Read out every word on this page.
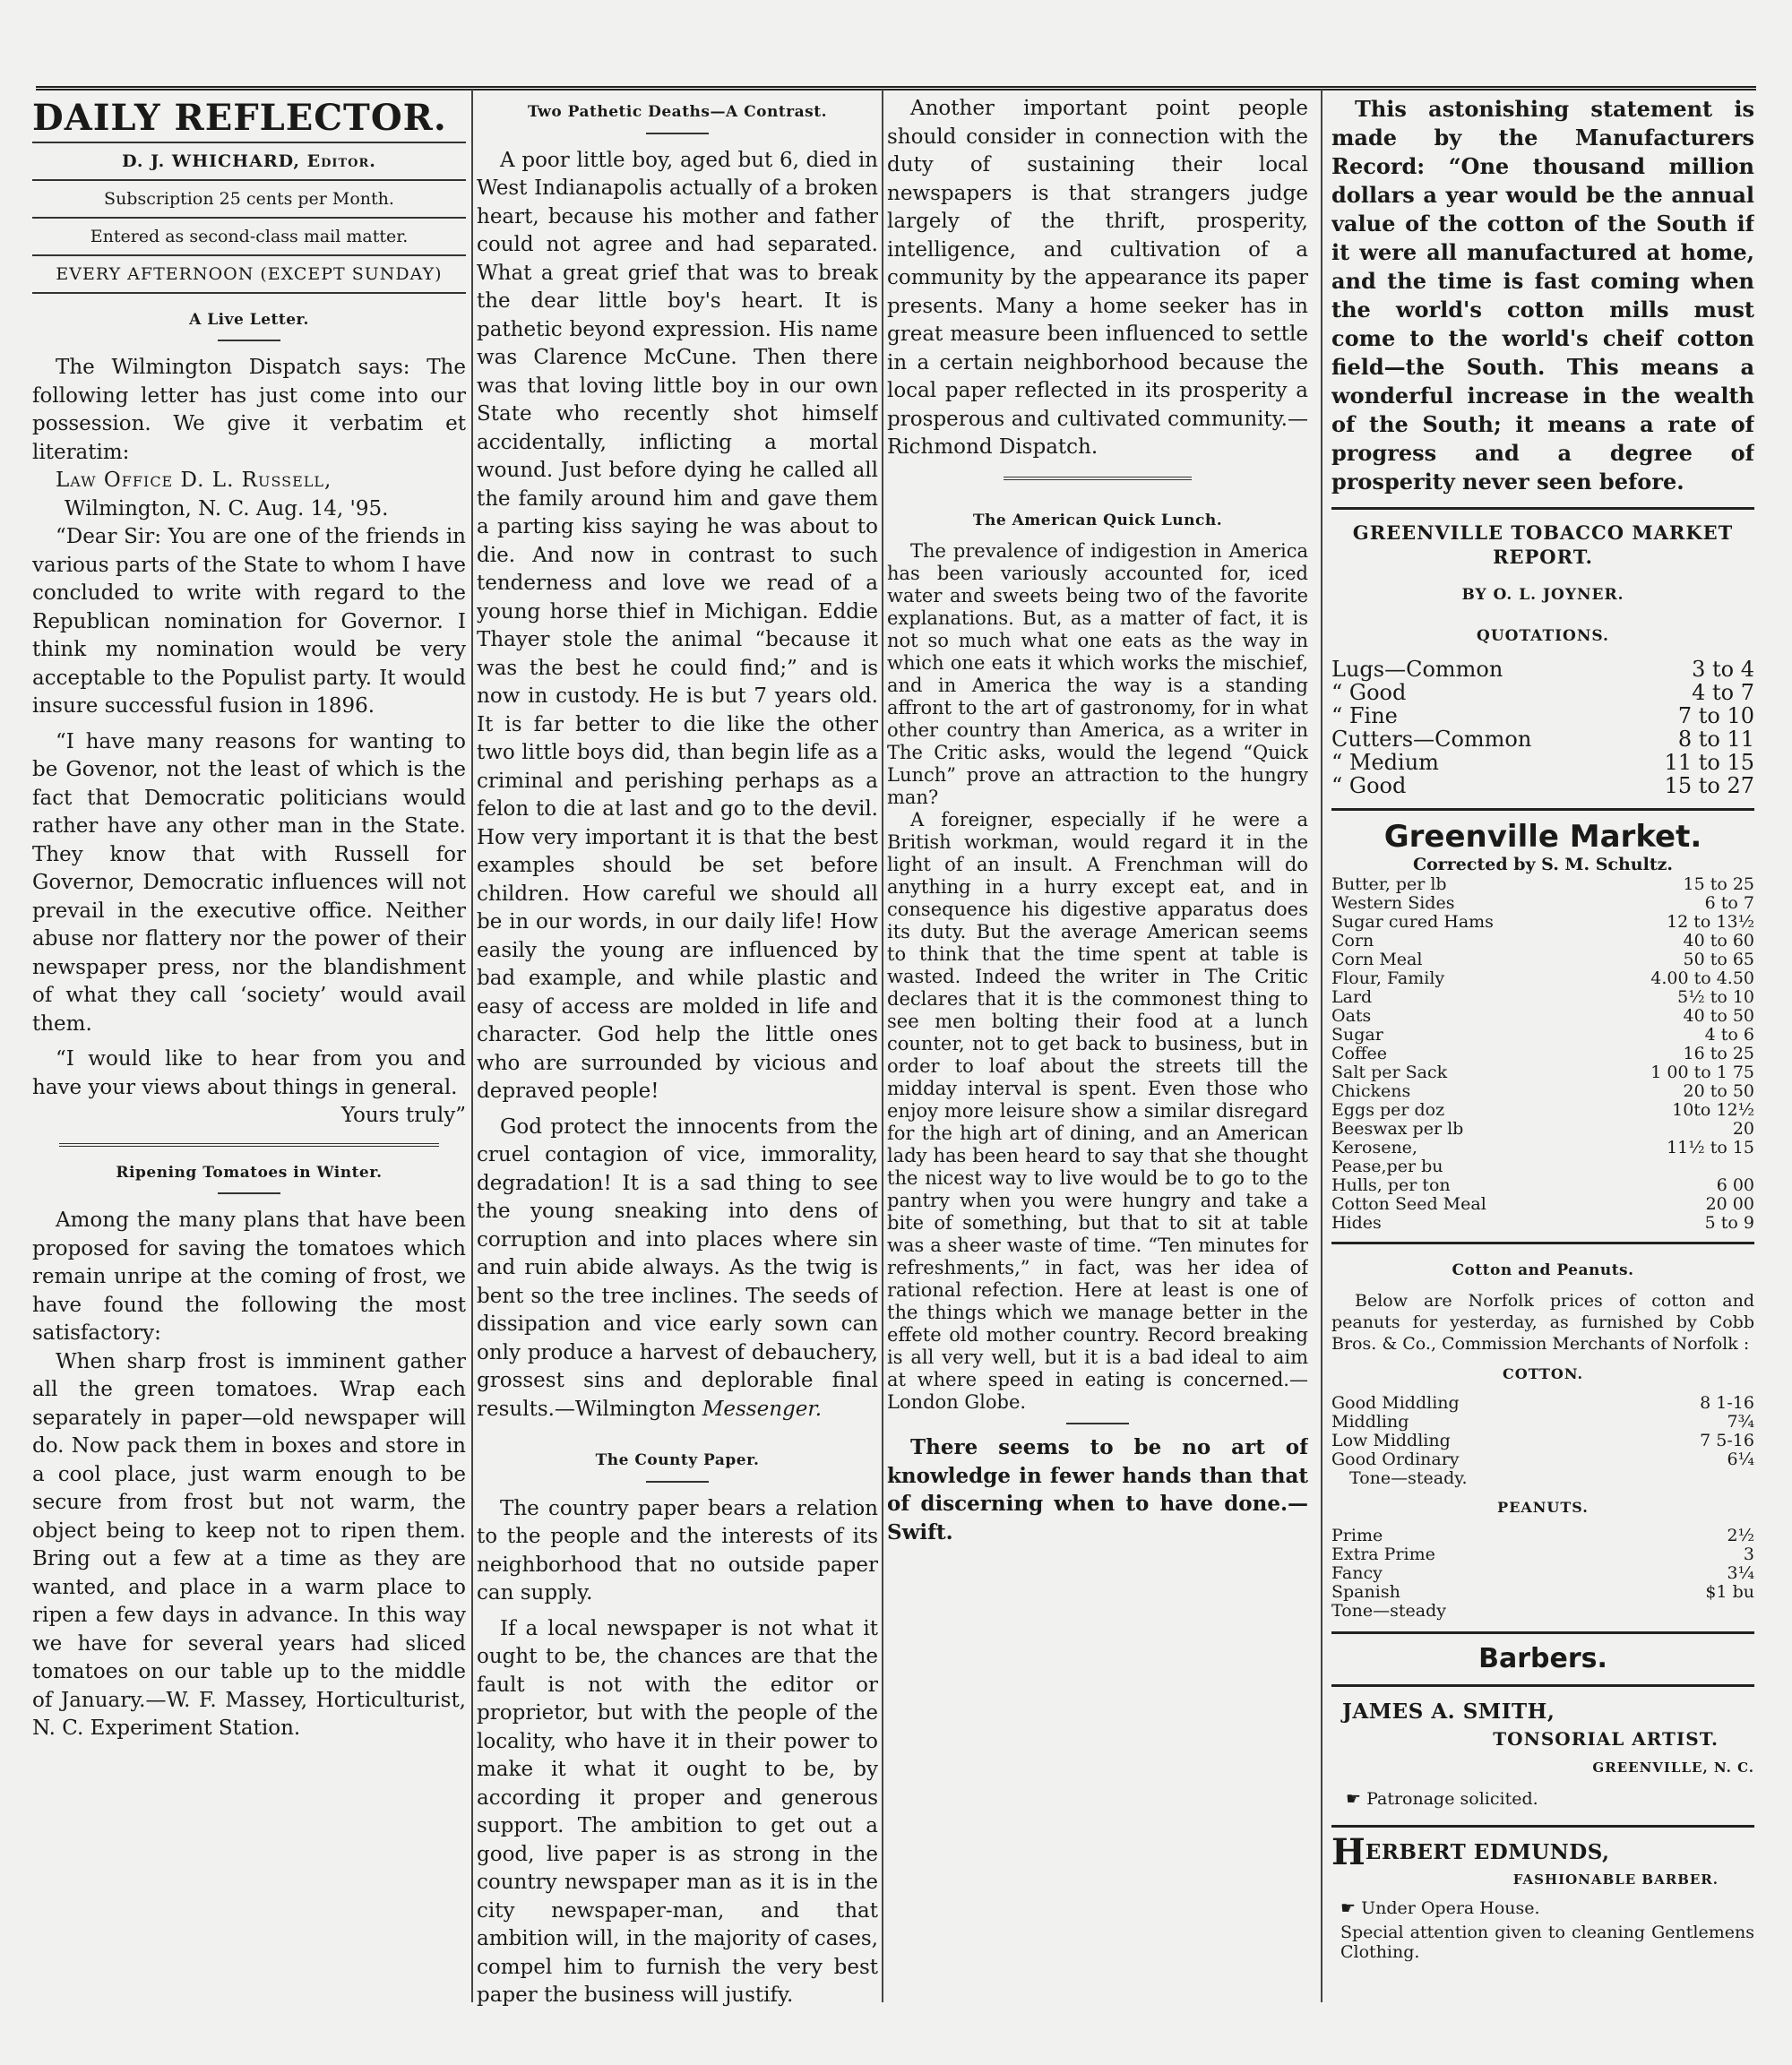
DAILY REFLECTOR.
D. J. WHICHARD, Editor.
Subscription 25 cents per Month.
Entered as second-class mail matter.
EVERY AFTERNOON (EXCEPT SUNDAY)
A Live Letter.

The Wilmington Dispatch says: The following letter has just come into our possession. We give it verbatim et literatim:

Law Office D. L. Russell,

Wilmington, N. C. Aug. 14, '95.

“Dear Sir: You are one of the friends in various parts of the State to whom I have concluded to write with regard to the Republican nomination for Governor. I think my nomination would be very acceptable to the Populist party. It would insure successful fusion in 1896.

“I have many reasons for wanting to be Govenor, not the least of which is the fact that Democratic politicians would rather have any other man in the State. They know that with Russell for Governor, Democratic influences will not prevail in the executive office. Neither abuse nor flattery nor the power of their newspaper press, nor the blandishment of what they call ‘society’ would avail them.

“I would like to hear from you and have your views about things in general.

Yours truly”
Ripening Tomatoes in Winter.

Among the many plans that have been proposed for saving the tomatoes which remain unripe at the coming of frost, we have found the following the most satisfactory:

When sharp frost is imminent gather all the green tomatoes. Wrap each separately in paper—old newspaper will do. Now pack them in boxes and store in a cool place, just warm enough to be secure from frost but not warm, the object being to keep not to ripen them. Bring out a few at a time as they are wanted, and place in a warm place to ripen a few days in advance. In this way we have for several years had sliced tomatoes on our table up to the middle of January.—W. F. Massey, Horticulturist, N. C. Experiment Station.

Two Pathetic Deaths—A Contrast.

A poor little boy, aged but 6, died in West Indianapolis actually of a broken heart, because his mother and father could not agree and had separated. What a great grief that was to break the dear little boy's heart. It is pathetic beyond expression. His name was Clarence McCune. Then there was that loving little boy in our own State who recently shot himself accidentally, inflicting a mortal wound. Just before dying he called all the family around him and gave them a parting kiss saying he was about to die. And now in contrast to such tenderness and love we read of a young horse thief in Michigan. Eddie Thayer stole the animal “because it was the best he could find;” and is now in custody. He is but 7 years old. It is far better to die like the other two little boys did, than begin life as a criminal and perishing perhaps as a felon to die at last and go to the devil. How very important it is that the best examples should be set before children. How careful we should all be in our words, in our daily life! How easily the young are influenced by bad example, and while plastic and easy of access are molded in life and character. God help the little ones who are surrounded by vicious and depraved people!

God protect the innocents from the cruel contagion of vice, immorality, degradation! It is a sad thing to see the young sneaking into dens of corruption and into places where sin and ruin abide always. As the twig is bent so the tree inclines. The seeds of dissipation and vice early sown can only produce a harvest of debauchery, grossest sins and deplorable final results.—Wilmington Messenger.

The County Paper.

The country paper bears a relation to the people and the interests of its neighborhood that no outside paper can supply.

If a local newspaper is not what it ought to be, the chances are that the fault is not with the editor or proprietor, but with the people of the locality, who have it in their power to make it what it ought to be, by according it proper and generous support. The ambition to get out a good, live paper is as strong in the country newspaper man as it is in the city newspaper-man, and that ambition will, in the majority of cases, compel him to furnish the very best paper the business will justify.

Another important point people should consider in connection with the duty of sustaining their local newspapers is that strangers judge largely of the thrift, prosperity, intelligence, and cultivation of a community by the appearance its paper presents. Many a home seeker has in great measure been influenced to settle in a certain neighborhood because the local paper reflected in its prosperity a prosperous and cultivated community.—Richmond Dispatch.

The American Quick Lunch.

The prevalence of indigestion in America has been variously accounted for, iced water and sweets being two of the favorite explanations. But, as a matter of fact, it is not so much what one eats as the way in which one eats it which works the mischief, and in America the way is a standing affront to the art of gastronomy, for in what other country than America, as a writer in The Critic asks, would the legend “Quick Lunch” prove an attraction to the hungry man?

A foreigner, especially if he were a British workman, would regard it in the light of an insult. A Frenchman will do anything in a hurry except eat, and in consequence his digestive apparatus does its duty. But the average American seems to think that the time spent at table is wasted. Indeed the writer in The Critic declares that it is the commonest thing to see men bolting their food at a lunch counter, not to get back to business, but in order to loaf about the streets till the midday interval is spent. Even those who enjoy more leisure show a similar disregard for the high art of dining, and an American lady has been heard to say that she thought the nicest way to live would be to go to the pantry when you were hungry and take a bite of something, but that to sit at table was a sheer waste of time. “Ten minutes for refreshments,” in fact, was her idea of rational refection. Here at least is one of the things which we manage better in the effete old mother country. Record breaking is all very well, but it is a bad ideal to aim at where speed in eating is concerned.—London Globe.

There seems to be no art of knowledge in fewer hands than that of discerning when to have done.—Swift.

This astonishing statement is made by the Manufacturers Record: “One thousand million dollars a year would be the annual value of the cotton of the South if it were all manufactured at home, and the time is fast coming when the world's cotton mills must come to the world's cheif cotton field—the South. This means a wonderful increase in the wealth of the South; it means a rate of progress and a degree of prosperity never seen before.

GREENVILLE TOBACCO MARKET REPORT.
BY O. L. JOYNER.
QUOTATIONS.
Lugs—Common	3 to 4
“ Good	4 to 7
“ Fine	7 to 10
Cutters—Common	8 to 11
“ Medium	11 to 15
“ Good	15 to 27
Greenville Market.
Corrected by S. M. Schultz.
Butter, per lb	15 to 25
Western Sides	6 to 7
Sugar cured Hams	12 to 13½
Corn	40 to 60
Corn Meal	50 to 65
Flour, Family	4.00 to 4.50
Lard	5½ to 10
Oats	40 to 50
Sugar	4 to 6
Coffee	16 to 25
Salt per Sack	1 00 to 1 75
Chickens	20 to 50
Eggs per doz	10to 12½
Beeswax per lb	20
Kerosene,	11½ to 15
Pease,per bu
Hulls, per ton	6 00
Cotton Seed Meal	20 00
Hides	5 to 9
Cotton and Peanuts.

Below are Norfolk prices of cotton and peanuts for yesterday, as furnished by Cobb Bros. & Co., Commission Merchants of Norfolk :

COTTON.
Good Middling	8 1-16
Middling	7¾
Low Middling	7 5-16
Good Ordinary	6¼
Tone—steady.
PEANUTS.
Prime	2½
Extra Prime	3
Fancy	3¼
Spanish	$1 bu
Tone—steady
Barbers.
JAMES A. SMITH,
TONSORIAL ARTIST.
GREENVILLE, N. C.
☛ Patronage solicited.
H ERBERT EDMUNDS,
FASHIONABLE BARBER.
☛ Under Opera House.
Special attention given to cleaning Gentlemens Clothing.
